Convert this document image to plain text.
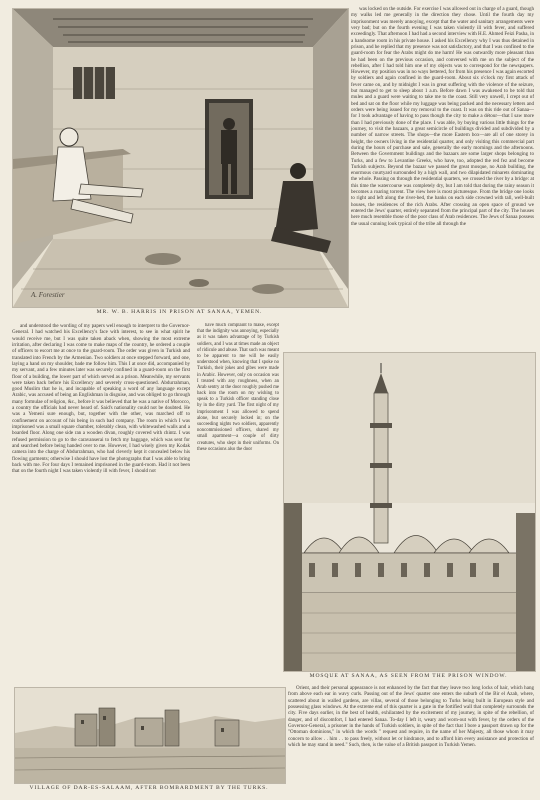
A. Forestier
MR. W. B. HARRIS IN PRISON AT SANAA, YEMEN.

was locked on the outside. For exercise I was allowed out in charge of a guard, though my walks led me generally in the direction they chose. Until the fourth day my imprisonment was merely annoying, except that the water and sanitary arrangements were very bad; but on the fourth evening I was taken violently ill with fever, and suffered exceedingly. That afternoon I had had a second interview with H.E. Ahmed Feizi Pasha, in a handsome room in his private house. I asked his Excellency why I was thus detained in prison, and he replied that my presence was not satisfactory, and that I was confined to the guard-room for fear the Arabs might do me harm! He was outwardly more pleasant than he had been on the previous occasion, and conversed with me on the subject of the rebellion, after I had told him one of my objects was to correspond for the newspapers. However, my position was in no ways bettered, for from his presence I was again escorted by soldiers and again confined in the guard-room. About six o'clock my first attack of fever came on, and by midnight I was in great suffering with the violence of the seizure, but managed to get to sleep about 1 a.m. Before dawn I was awakened to be told that mules and a guard were waiting to take me to the coast. Still very unwell, I crept out of bed and sat on the floor while my luggage was being packed and the necessary letters and orders were being issued for my removal to the coast. It was on this ride out of Sanaa—for I took advantage of having to pass though the city to make a détour—that I saw more than I had previously done of the place. I was able, by buying various little things for the journey, to visit the bazaars, a great semicircle of buildings divided and subdivided by a number of narrow streets. The shops—the more Eastern box—are all of one storey in height, the owners living in the residential quarter, and only visiting this commercial part during the hours of purchase and sale, generally the early mornings and the afternoons. Between the Government buildings and the bazaars are some larger shops belonging to Turks, and a few to Levantine Greeks, who have, too, adopted the red fez and become Turkish subjects. Beyond the bazaar we passed the great mosque, no Arab building, the enormous courtyard surrounded by a high wall, and two dilapidated minarets dominating the whole. Passing on through the residential quarters, we crossed the river by a bridge: at this time the watercourse was completely dry, but I am told that during the rainy season it becomes a roaring torrent. The view here is most picturesque. From the bridge one looks to right and left along the river-bed, the banks on each side crowned with tall, well-built houses, the residences of the rich Arabs. After crossing an open space of ground we entered the Jews' quarter, entirely separated from the principal part of the city. The houses here much resemble those of the poor class of Arab residences. The Jews of Sanaa possess the usual cunning look typical of the tribe all through the

and understood the wording of my papers well enough to interpret to the Governor-General. I had watched his Excellency's face with interest, to see in what spirit he would receive me, but I was quite taken aback when, showing the most extreme irritation, after declaring I was come to make maps of the country, he ordered a couple of officers to escort me at once to the guard-room. The order was given in Turkish and translated into French by the Armenian. Two soldiers at once stepped forward, and one, laying a hand on my shoulder, bade me follow him. This I at once did, accompanied by my servant, and a few minutes later was securely confined in a guard-room on the first floor of a building, the lower part of which served as a prison. Meanwhile, my servants were taken back before his Excellency and severely cross-questioned. Abdurrahman, good Muslim that he is, and incapable of speaking a word of any language except Arabic, was accused of being an Englishman in disguise, and was obliged to go through many formulae of religion, &c., before it was believed that he was a native of Morocco, a country the officials had never heard of. Said's nationality could not be doubted. He was a Yemeni sure enough, but, together with the other, was marched off to confinement on account of his being in such bad company. The room in which I was imprisoned was a small square chamber, tolerably clean, with whitewashed walls and a boarded floor. Along one side ran a wooden divan, roughly covered with chintz. I was refused permission to go to the caravanserai to fetch my baggage, which was sent for and searched before being handed over to me. However, I had wisely given my Kodak camera into the charge of Abdurrahman, who had cleverly kept it concealed below his flowing garments; otherwise I should have lost the photographs that I was able to bring back with me. For four days I remained imprisoned in the guard-room. Had it not been that on the fourth night I was taken violently ill with fever, I should not

have much complaint to make, except that the indignity was annoying, especially as it was taken advantage of by Turkish soldiers, and I was at times made an object of ridicule and abuse. That such was meant to be apparent to me will be easily understood when, knowing that I spoke no Turkish, their jokes and gibes were made in Arabic. However, only on occasion was I treated with any roughness, when an Arab sentry at the door roughly pushed me back into the room on my wishing to speak to a Turkish officer standing close by in the dirty yard. The first night of my imprisonment I was allowed to spend alone, but securely locked in; on the succeeding nights two soldiers, apparently noncommissioned officers, shared my small apartment—a couple of dirty creatures, who slept in their uniforms. On these occasions also the door

MOSQUE AT SANAA, AS SEEN FROM THE PRISON WINDOW.
VILLAGE OF DAR-ES-SALAAM, AFTER BOMBARDMENT BY THE TURKS.

Orient, and their personal appearance is not enhanced by the fact that they leave two long locks of hair, which hang from above each ear in wavy curls. Passing out of the Jews' quarter one enters the suburb of the Bir el Azab, where, scattered about in walled gardens, are villas, several of those belonging to Turks being built in European style and possessing glass windows. At the extreme end of this quarter is a gate in the fortified wall that completely surrounds the city. Five days earlier, in the best of health, exhilarated by the excitement of my journey, in spite of the rebellion, of danger, and of discomfort, I had entered Sanaa. To-day I left it, weary and worn-out with fever, by the orders of the Governor-General, a prisoner in the hands of Turkish soldiers, in spite of the fact that I bore a passport drawn up for the "Ottoman dominions," in which the words " request and require, in the name of her Majesty, all those whom it may concern to allow . . him . . to pass freely, without let or hindrance, and to afford him every assistance and protection of which he may stand in need." Such, then, is the value of a British passport in Turkish Yemen.
